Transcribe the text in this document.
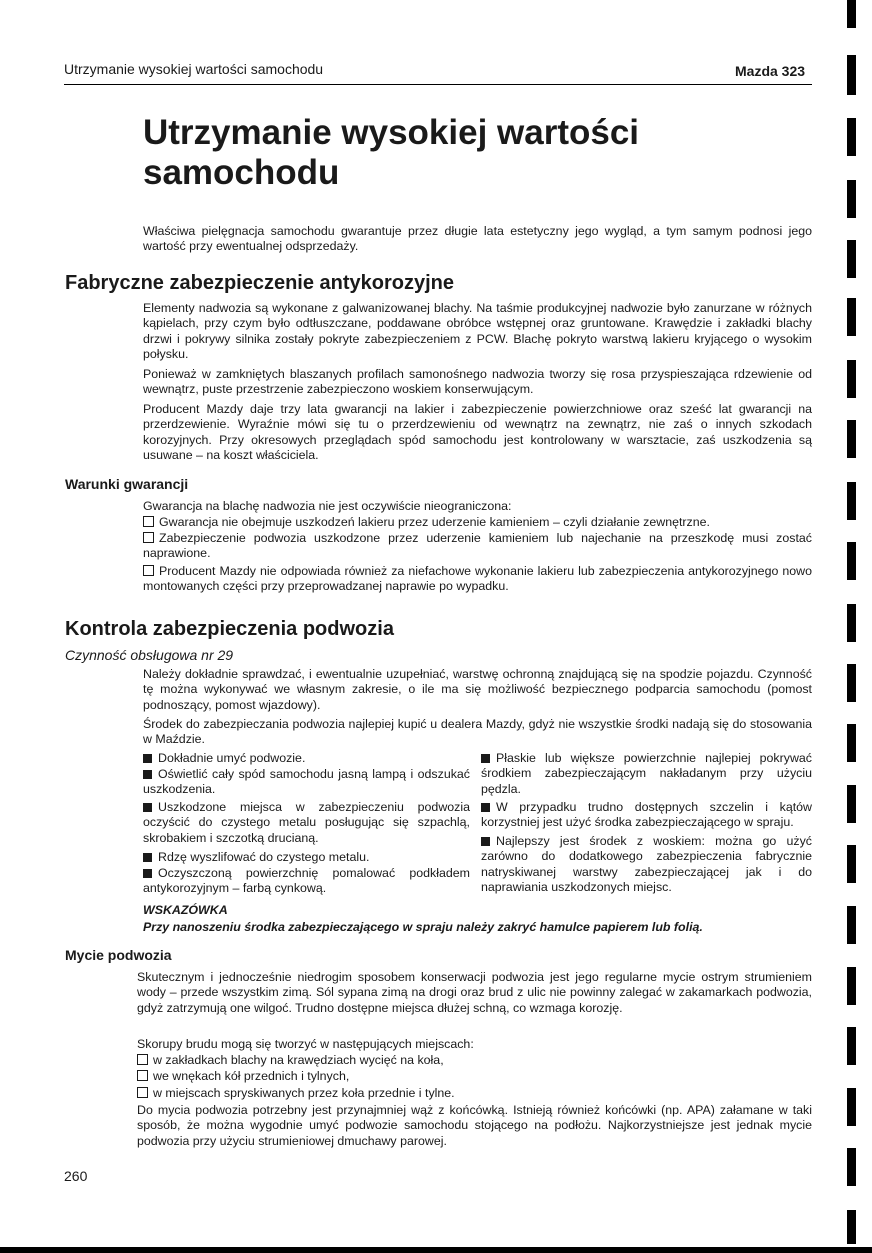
Utrzymanie wysokiej wartości samochodu	Mazda 323
Utrzymanie wysokiej wartości samochodu

Właściwa pielęgnacja samochodu gwarantuje przez długie lata estetyczny jego wygląd, a tym samym podnosi jego wartość przy ewentualnej odsprzedaży.

Fabryczne zabezpieczenie antykorozyjne

Elementy nadwozia są wykonane z galwanizowanej blachy. Na taśmie produkcyjnej nadwozie było zanurzane w różnych kąpielach, przy czym było odtłuszczane, poddawane obróbce wstępnej oraz gruntowane. Krawędzie i zakładki blachy drzwi i pokrywy silnika zostały pokryte zabezpieczeniem z PCW. Blachę pokryto warstwą lakieru kryjącego o wysokim połysku.

Ponieważ w zamkniętych blaszanych profilach samonośnego nadwozia tworzy się rosa przyspieszająca rdzewienie od wewnątrz, puste przestrzenie zabezpieczono woskiem konserwującym.

Producent Mazdy daje trzy lata gwarancji na lakier i zabezpieczenie powierzchniowe oraz sześć lat gwarancji na przerdzewienie. Wyraźnie mówi się tu o przerdzewieniu od wewnątrz na zewnątrz, nie zaś o innych szkodach korozyjnych. Przy okresowych przeglądach spód samochodu jest kontrolowany w warsztacie, zaś uszkodzenia są usuwane – na koszt właściciela.

Warunki gwarancji

Gwarancja na blachę nadwozia nie jest oczywiście nieograniczona:

Gwarancja nie obejmuje uszkodzeń lakieru przez uderzenie kamieniem – czyli działanie zewnętrzne.

Zabezpieczenie podwozia uszkodzone przez uderzenie kamieniem lub najechanie na przeszkodę musi zostać naprawione.

Producent Mazdy nie odpowiada również za niefachowe wykonanie lakieru lub zabezpieczenia antykorozyjnego nowo montowanych części przy przeprowadzanej naprawie po wypadku.

Kontrola zabezpieczenia podwozia
Czynność obsługowa nr 29

Należy dokładnie sprawdzać, i ewentualnie uzupełniać, warstwę ochronną znajdującą się na spodzie pojazdu. Czynność tę można wykonywać we własnym zakresie, o ile ma się możliwość bezpiecznego podparcia samochodu (pomost podnoszący, pomost wjazdowy).

Środek do zabezpieczania podwozia najlepiej kupić u dealera Mazdy, gdyż nie wszystkie środki nadają się do stosowania w Maździe.

Dokładnie umyć podwozie.

Oświetlić cały spód samochodu jasną lampą i odszukać uszkodzenia.

Uszkodzone miejsca w zabezpieczeniu podwozia oczyścić do czystego metalu posługując się szpachlą, skrobakiem i szczotką drucianą.

Rdzę wyszlifować do czystego metalu.

Oczyszczoną powierzchnię pomalować podkładem antykorozyjnym – farbą cynkową.

Płaskie lub większe powierzchnie najlepiej pokrywać środkiem zabezpieczającym nakładanym przy użyciu pędzla.

W przypadku trudno dostępnych szczelin i kątów korzystniej jest użyć środka zabezpieczającego w spraju.

Najlepszy jest środek z woskiem: można go użyć zarówno do dodatkowego zabezpieczenia fabrycznie natryskiwanej warstwy zabezpieczającej jak i do naprawiania uszkodzonych miejsc.

WSKAZÓWKA
Przy nanoszeniu środka zabezpieczającego w spraju należy zakryć hamulce papierem lub folią.
Mycie podwozia

Skutecznym i jednocześnie niedrogim sposobem konserwacji podwozia jest jego regularne mycie ostrym strumieniem wody – przede wszystkim zimą. Sól sypana zimą na drogi oraz brud z ulic nie powinny zalegać w zakamarkach podwozia, gdyż zatrzymują one wilgoć. Trudno dostępne miejsca dłużej schną, co wzmaga korozję.

Skorupy brudu mogą się tworzyć w następujących miejscach:

w zakładkach blachy na krawędziach wycięć na koła,

we wnękach kół przednich i tylnych,

w miejscach spryskiwanych przez koła przednie i tylne.

Do mycia podwozia potrzebny jest przynajmniej wąż z końcówką. Istnieją również końcówki (np. APA) załamane w taki sposób, że można wygodnie umyć podwozie samochodu stojącego na podłożu. Najkorzystniejsze jest jednak mycie podwozia przy użyciu strumieniowej dmuchawy parowej.

260
